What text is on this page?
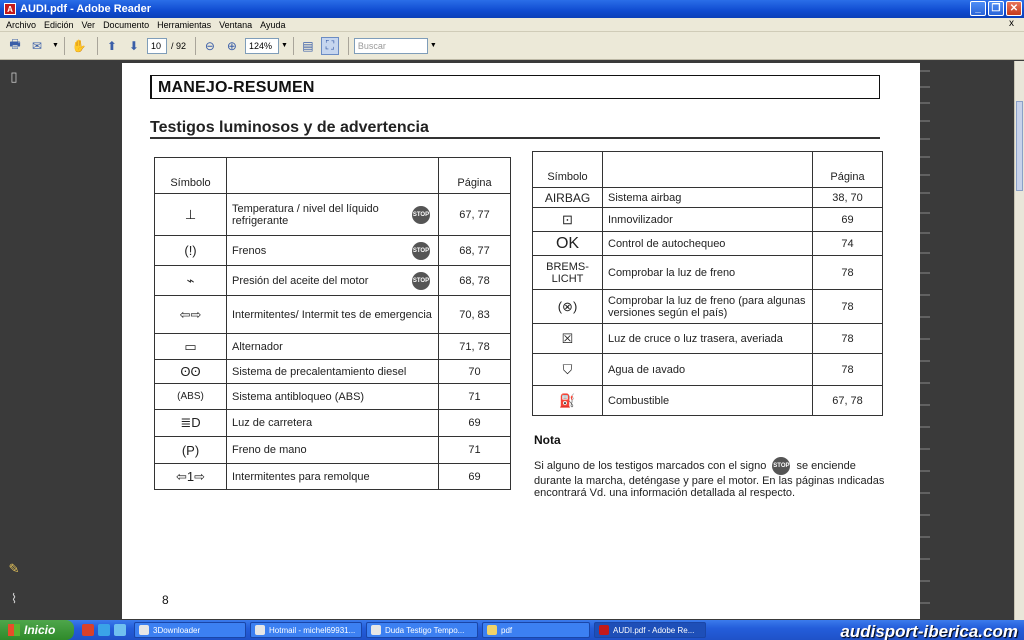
A AUDI.pdf - Adobe Reader	_	❐ ✕
Archivo Edición Ver Documento Herramientas Ventana Ayuda	x
🖶 ✉	▼ ✋	⬆ ⬇	10	/ 92	⊖ ⊕	124%	▼ ▤	⛶	Buscar	▼
▯
✎
⌇
MANEJO-RESUMEN
Testigos luminosos y de advertencia
Símbolo		Página
⊥	Temperatura / nivel del líquido refrigerante STOP	67, 77
(!)	Frenos STOP	68, 77
⌁	Presión del aceite del motor STOP	68, 78
⇦⇨	Intermitentes/ Intermit tes de emergencia	70, 83
▭	Alternador	71, 78
ʘʘ	Sistema de precalentamiento diesel	70
(ABS)	Sistema antibloqueo (ABS)	71
≣D	Luz de carretera	69
(P)	Freno de mano	71
⇦1⇨	Intermitentes para remolque	69
Símbolo		Página
AIRBAG	Sistema airbag	38, 70
⊡	Inmovilizador	69
OK	Control de autochequeo	74
BREMS- LICHT	Comprobar la luz de freno	78
(⊗)	Comprobar la luz de freno (para algunas versiones según el país)	78
☒	Luz de cruce o luz trasera, averiada	78
⛉	Agua de ıavado	78
⛽	Combustible	67, 78
Nota
Si alguno de los testigos marcados con el signo STOP se enciende durante la marcha, deténgase y pare el motor. En las páginas ındicadas encontrará Vd. una información detallada al respecto.
8
Inicio	3Downloader	Hotmail - michel69931...	Duda Testigo Tempo...	pdf	AUDI.pdf - Adobe Re...	audisport-iberica.com
